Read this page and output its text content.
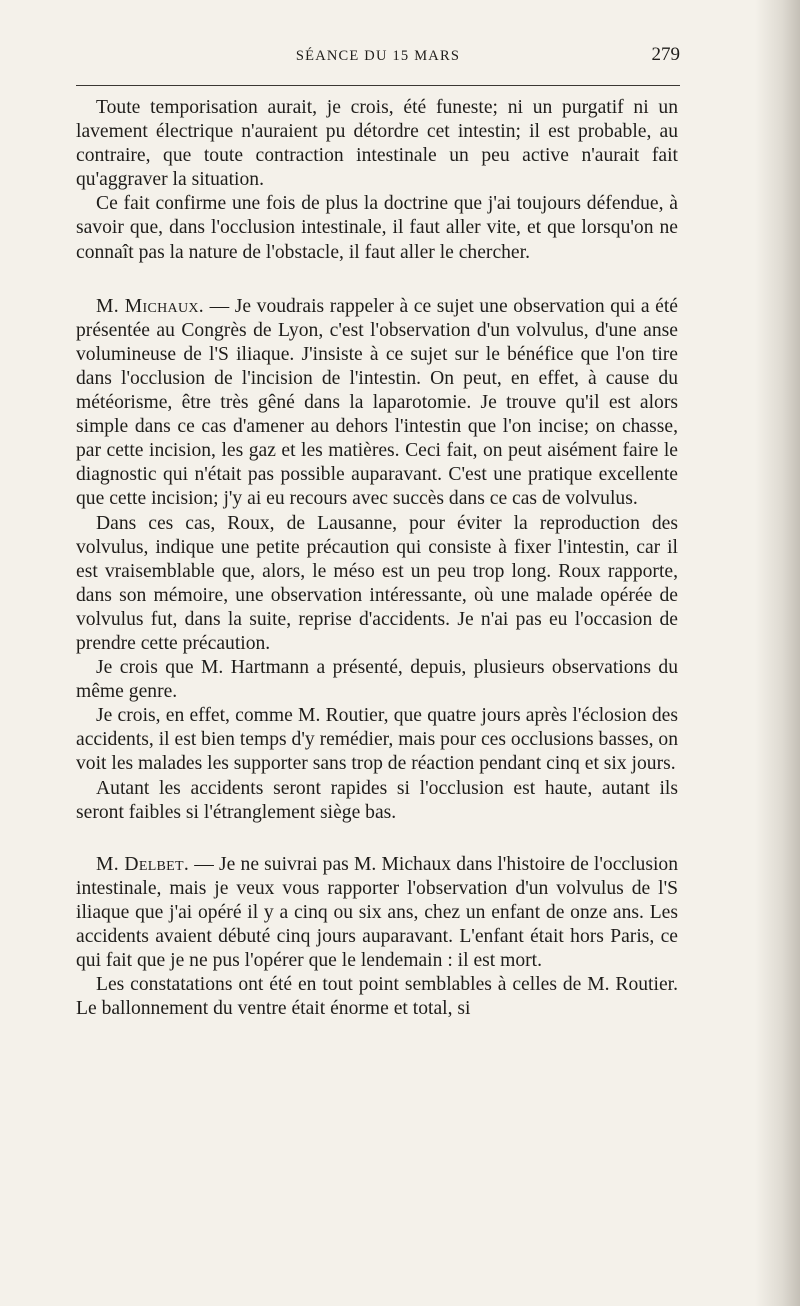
SÉANCE DU 15 MARS	279

Toute temporisation aurait, je crois, été funeste; ni un purgatif ni un lavement électrique n'auraient pu détordre cet intestin; il est probable, au contraire, que toute contraction intestinale un peu active n'aurait fait qu'aggraver la situation.

Ce fait confirme une fois de plus la doctrine que j'ai toujours défendue, à savoir que, dans l'occlusion intestinale, il faut aller vite, et que lorsqu'on ne connaît pas la nature de l'obstacle, il faut aller le chercher.

M. Michaux. — Je voudrais rappeler à ce sujet une observation qui a été présentée au Congrès de Lyon, c'est l'observation d'un volvulus, d'une anse volumineuse de l'S iliaque. J'insiste à ce sujet sur le bénéfice que l'on tire dans l'occlusion de l'incision de l'intestin. On peut, en effet, à cause du météorisme, être très gêné dans la laparotomie. Je trouve qu'il est alors simple dans ce cas d'amener au dehors l'intestin que l'on incise; on chasse, par cette incision, les gaz et les matières. Ceci fait, on peut aisément faire le diagnostic qui n'était pas possible auparavant. C'est une pratique excellente que cette incision; j'y ai eu recours avec succès dans ce cas de volvulus.

Dans ces cas, Roux, de Lausanne, pour éviter la reproduction des volvulus, indique une petite précaution qui consiste à fixer l'intestin, car il est vraisemblable que, alors, le méso est un peu trop long. Roux rapporte, dans son mémoire, une observation intéressante, où une malade opérée de volvulus fut, dans la suite, reprise d'accidents. Je n'ai pas eu l'occasion de prendre cette précaution.

Je crois que M. Hartmann a présenté, depuis, plusieurs observations du même genre.

Je crois, en effet, comme M. Routier, que quatre jours après l'éclosion des accidents, il est bien temps d'y remédier, mais pour ces occlusions basses, on voit les malades les supporter sans trop de réaction pendant cinq et six jours.

Autant les accidents seront rapides si l'occlusion est haute, autant ils seront faibles si l'étranglement siège bas.

M. Delbet. — Je ne suivrai pas M. Michaux dans l'histoire de l'occlusion intestinale, mais je veux vous rapporter l'observation d'un volvulus de l'S iliaque que j'ai opéré il y a cinq ou six ans, chez un enfant de onze ans. Les accidents avaient débuté cinq jours auparavant. L'enfant était hors Paris, ce qui fait que je ne pus l'opérer que le lendemain : il est mort.

Les constatations ont été en tout point semblables à celles de M. Routier. Le ballonnement du ventre était énorme et total, si
